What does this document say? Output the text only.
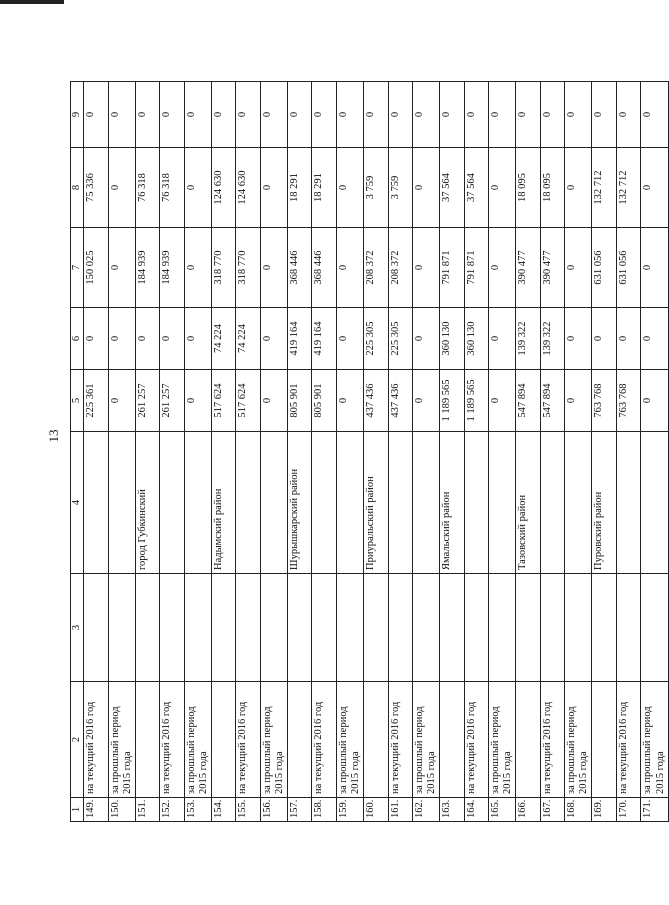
13
1	2	3	4	5	6	7	8	9
149.	на текущий 2016 год			225 361	0	150 025	75 336	0
150.	за прошлый период 2015 года			0	0	0	0	0
151.			город Губкинский	261 257	0	184 939	76 318	0
152.	на текущий 2016 год			261 257	0	184 939	76 318	0
153.	за прошлый период 2015 года			0	0	0	0	0
154.			Надымский район	517 624	74 224	318 770	124 630	0
155.	на текущий 2016 год			517 624	74 224	318 770	124 630	0
156.	за прошлый период 2015 года			0	0	0	0	0
157.			Шурышкарский район	805 901	419 164	368 446	18 291	0
158.	на текущий 2016 год			805 901	419 164	368 446	18 291	0
159.	за прошлый период 2015 года			0	0	0	0	0
160.			Приуральский район	437 436	225 305	208 372	3 759	0
161.	на текущий 2016 год			437 436	225 305	208 372	3 759	0
162.	за прошлый период 2015 года			0	0	0	0	0
163.			Ямальский район	1 189 565	360 130	791 871	37 564	0
164.	на текущий 2016 год			1 189 565	360 130	791 871	37 564	0
165.	за прошлый период 2015 года			0	0	0	0	0
166.			Тазовский район	547 894	139 322	390 477	18 095	0
167.	на текущий 2016 год			547 894	139 322	390 477	18 095	0
168.	за прошлый период 2015 года			0	0	0	0	0
169.			Пуровский район	763 768	0	631 056	132 712	0
170.	на текущий 2016 год			763 768	0	631 056	132 712	0
171.	за прошлый период 2015 года			0	0	0	0	0
